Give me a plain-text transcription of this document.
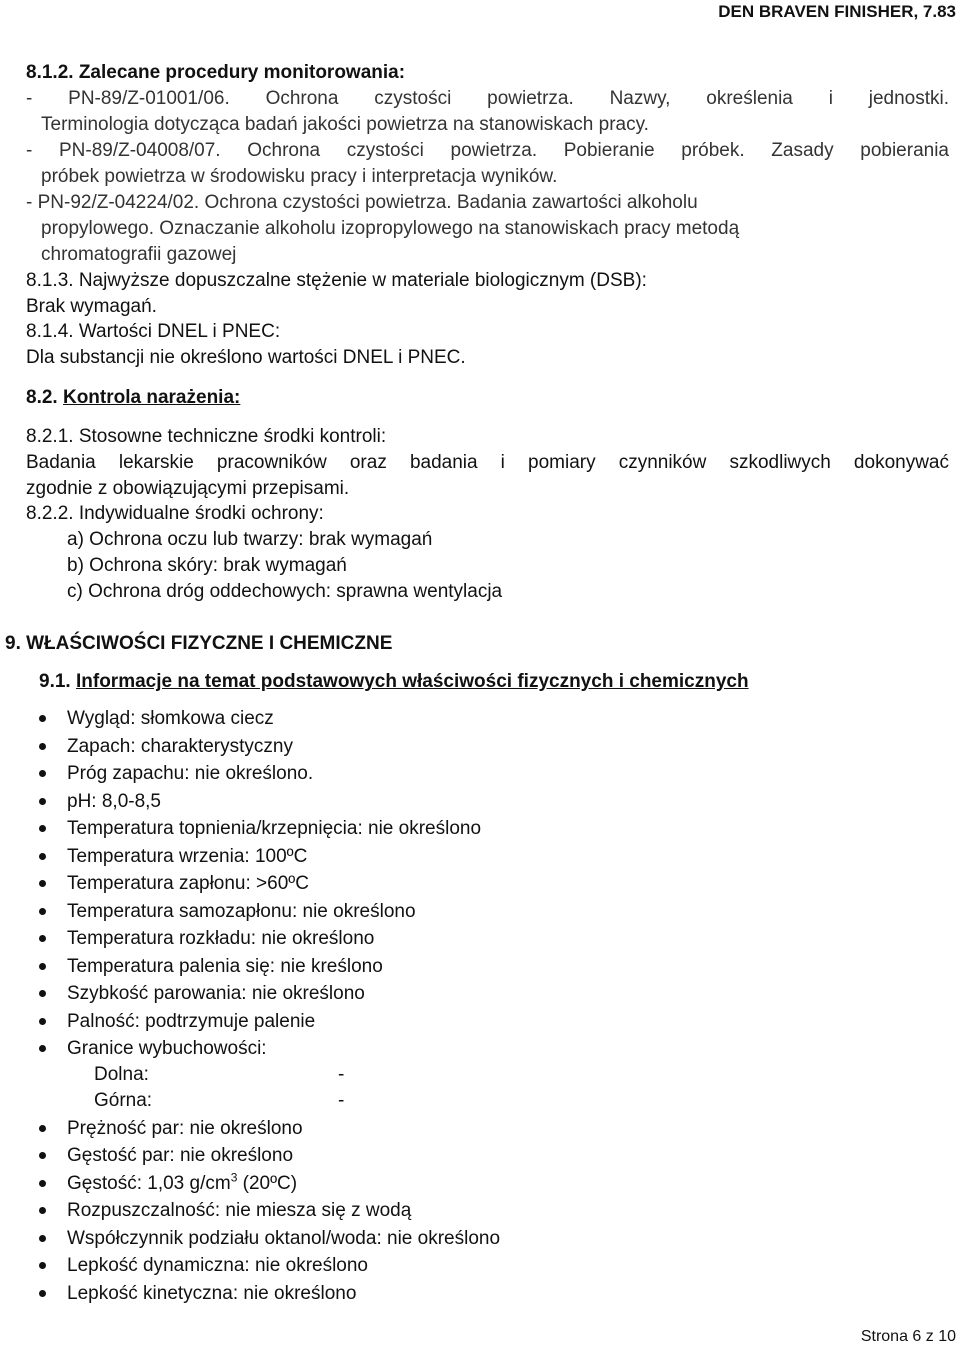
DEN BRAVEN FINISHER, 7.83
8.1.2. Zalecane procedury monitorowania:
- PN-89/Z-01001/06. Ochrona czystości powietrza. Nazwy, określenia i jednostki.
Terminologia dotycząca badań jakości powietrza na stanowiskach pracy.
- PN-89/Z-04008/07. Ochrona czystości powietrza. Pobieranie próbek. Zasady pobierania
próbek powietrza w środowisku pracy i interpretacja wyników.
- PN-92/Z-04224/02. Ochrona czystości powietrza. Badania zawartości alkoholu
propylowego. Oznaczanie alkoholu izopropylowego na stanowiskach pracy metodą
chromatografii gazowej
8.1.3. Najwyższe dopuszczalne stężenie w materiale biologicznym (DSB):
Brak wymagań.
8.1.4. Wartości DNEL i PNEC:
Dla substancji nie określono wartości DNEL i PNEC.
8.2. Kontrola narażenia:
8.2.1. Stosowne techniczne środki kontroli:
Badania lekarskie pracowników oraz badania i pomiary czynników szkodliwych dokonywać
zgodnie z obowiązującymi przepisami.
8.2.2. Indywidualne środki ochrony:
a) Ochrona oczu lub twarzy: brak wymagań
b) Ochrona skóry: brak wymagań
c) Ochrona dróg oddechowych: sprawna wentylacja
9. WŁAŚCIWOŚCI FIZYCZNE I CHEMICZNE
9.1. Informacje na temat podstawowych właściwości fizycznych i chemicznych
Wygląd: słomkowa ciecz
Zapach: charakterystyczny
Próg zapachu: nie określono.
pH: 8,0-8,5
Temperatura topnienia/krzepnięcia: nie określono
Temperatura wrzenia: 100ºC
Temperatura zapłonu: >60ºC
Temperatura samozapłonu: nie określono
Temperatura rozkładu: nie określono
Temperatura palenia się: nie kreślono
Szybkość parowania: nie określono
Palność: podtrzymuje palenie
Granice wybuchowości:
Dolna:	-
Górna:	-
Prężność par: nie określono
Gęstość par: nie określono
Gęstość: 1,03 $g/cm^3$ (20ºC)
Rozpuszczalność: nie miesza się z wodą
Współczynnik podziału oktanol/woda: nie określono
Lepkość dynamiczna: nie określono
Lepkość kinetyczna: nie określono
Strona 6 z 10
